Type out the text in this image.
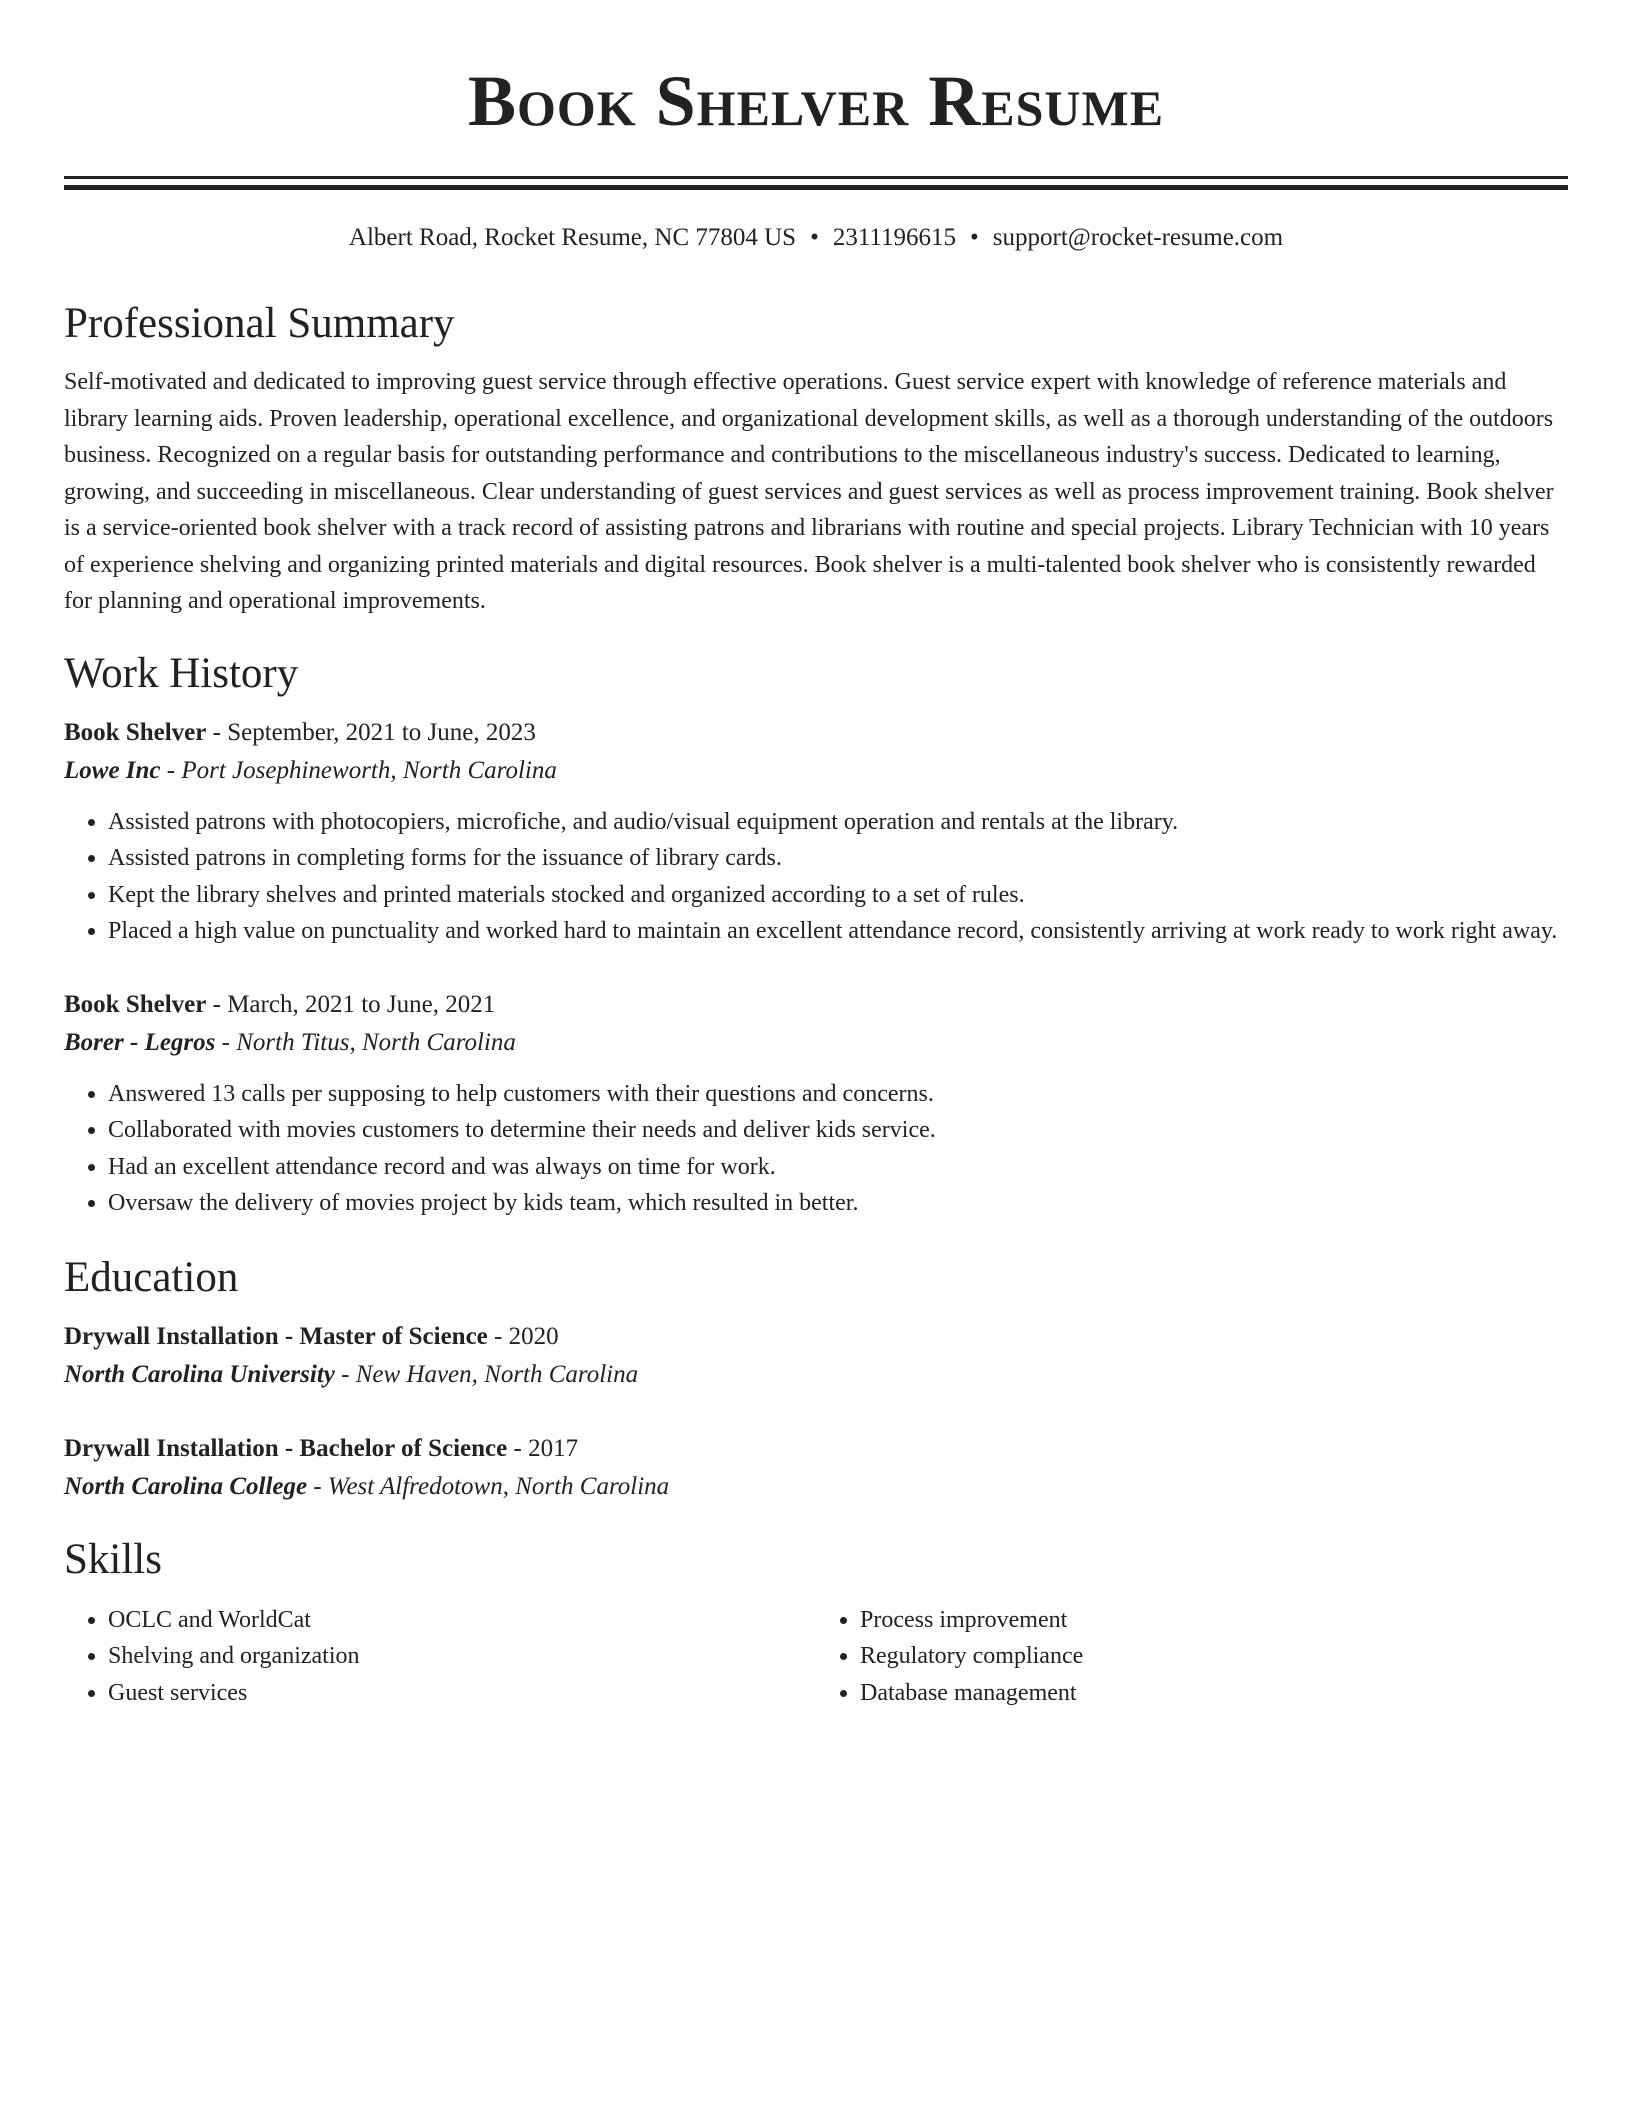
Book Shelver Resume
Albert Road, Rocket Resume, NC 77804 US • 2311196615 • support@rocket-resume.com
Professional Summary
Self-motivated and dedicated to improving guest service through effective operations. Guest service expert with knowledge of reference materials and library learning aids. Proven leadership, operational excellence, and organizational development skills, as well as a thorough understanding of the outdoors business. Recognized on a regular basis for outstanding performance and contributions to the miscellaneous industry's success. Dedicated to learning, growing, and succeeding in miscellaneous. Clear understanding of guest services and guest services as well as process improvement training. Book shelver is a service-oriented book shelver with a track record of assisting patrons and librarians with routine and special projects. Library Technician with 10 years of experience shelving and organizing printed materials and digital resources. Book shelver is a multi-talented book shelver who is consistently rewarded for planning and operational improvements.
Work History
Book Shelver - September, 2021 to June, 2023
Lowe Inc - Port Josephineworth, North Carolina
• Assisted patrons with photocopiers, microfiche, and audio/visual equipment operation and rentals at the library.
• Assisted patrons in completing forms for the issuance of library cards.
• Kept the library shelves and printed materials stocked and organized according to a set of rules.
• Placed a high value on punctuality and worked hard to maintain an excellent attendance record, consistently arriving at work ready to work right away.
Book Shelver - March, 2021 to June, 2021
Borer - Legros - North Titus, North Carolina
• Answered 13 calls per supposing to help customers with their questions and concerns.
• Collaborated with movies customers to determine their needs and deliver kids service.
• Had an excellent attendance record and was always on time for work.
• Oversaw the delivery of movies project by kids team, which resulted in better.
Education
Drywall Installation - Master of Science - 2020
North Carolina University - New Haven, North Carolina
Drywall Installation - Bachelor of Science - 2017
North Carolina College - West Alfredotown, North Carolina
Skills
• OCLC and WorldCat
• Shelving and organization
• Guest services
• Process improvement
• Regulatory compliance
• Database management
